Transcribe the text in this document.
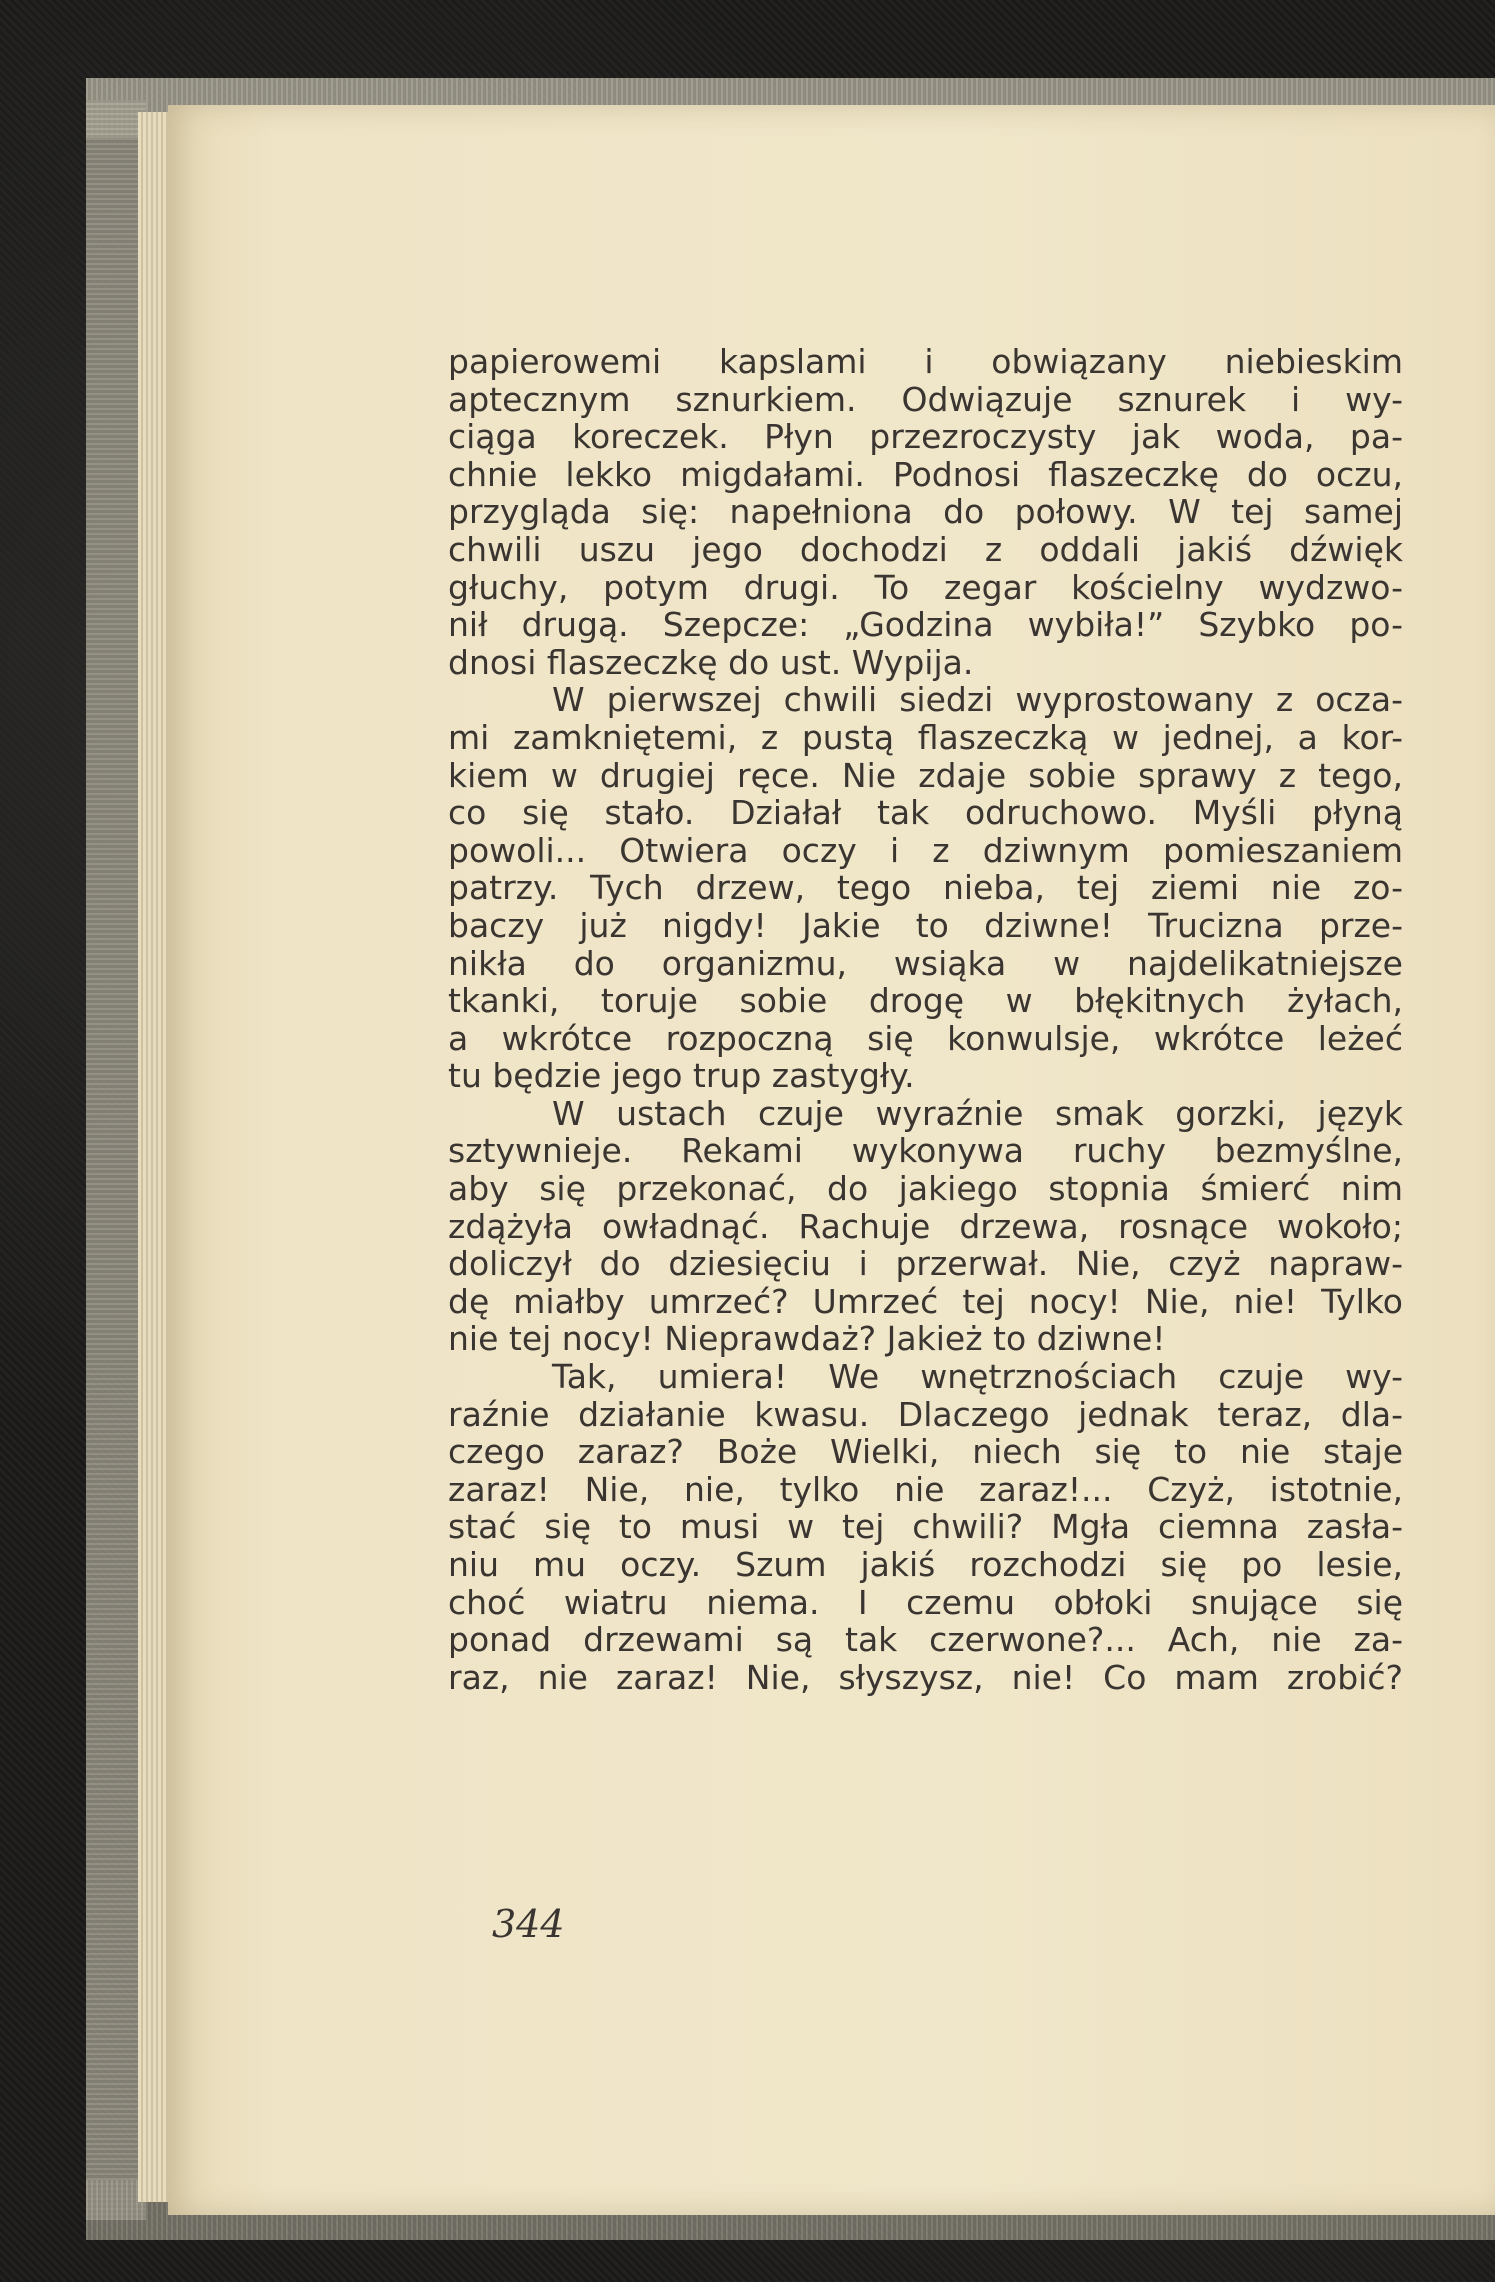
papierowemi kapslami i obwiązany niebieskim
aptecznym sznurkiem. Odwiązuje sznurek i wy-
ciąga koreczek. Płyn przezroczysty jak woda, pa-
chnie lekko migdałami. Podnosi flaszeczkę do oczu,
przygląda się: napełniona do połowy. W tej samej
chwili uszu jego dochodzi z oddali jakiś dźwięk
głuchy, potym drugi. To zegar kościelny wydzwo-
nił drugą. Szepcze: „Godzina wybiła!” Szybko po-
dnosi flaszeczkę do ust. Wypija.
W pierwszej chwili siedzi wyprostowany z ocza-
mi zamkniętemi, z pustą flaszeczką w jednej, a kor-
kiem w drugiej ręce. Nie zdaje sobie sprawy z tego,
co się stało. Działał tak odruchowo. Myśli płyną
powoli... Otwiera oczy i z dziwnym pomieszaniem
patrzy. Tych drzew, tego nieba, tej ziemi nie zo-
baczy już nigdy! Jakie to dziwne! Trucizna prze-
nikła do organizmu, wsiąka w najdelikatniejsze
tkanki, toruje sobie drogę w błękitnych żyłach,
a wkrótce rozpoczną się konwulsje, wkrótce leżeć
tu będzie jego trup zastygły.
W ustach czuje wyraźnie smak gorzki, język
sztywnieje. Rekami wykonywa ruchy bezmyślne,
aby się przekonać, do jakiego stopnia śmierć nim
zdążyła owładnąć. Rachuje drzewa, rosnące wokoło;
doliczył do dziesięciu i przerwał. Nie, czyż napraw-
dę miałby umrzeć? Umrzeć tej nocy! Nie, nie! Tylko
nie tej nocy! Nieprawdaż? Jakież to dziwne!
Tak, umiera! We wnętrznościach czuje wy-
raźnie działanie kwasu. Dlaczego jednak teraz, dla-
czego zaraz? Boże Wielki, niech się to nie staje
zaraz! Nie, nie, tylko nie zaraz!... Czyż, istotnie,
stać się to musi w tej chwili? Mgła ciemna zasła-
niu mu oczy. Szum jakiś rozchodzi się po lesie,
choć wiatru niema. I czemu obłoki snujące się
ponad drzewami są tak czerwone?... Ach, nie za-
raz, nie zaraz! Nie, słyszysz, nie! Co mam zrobić?
344
